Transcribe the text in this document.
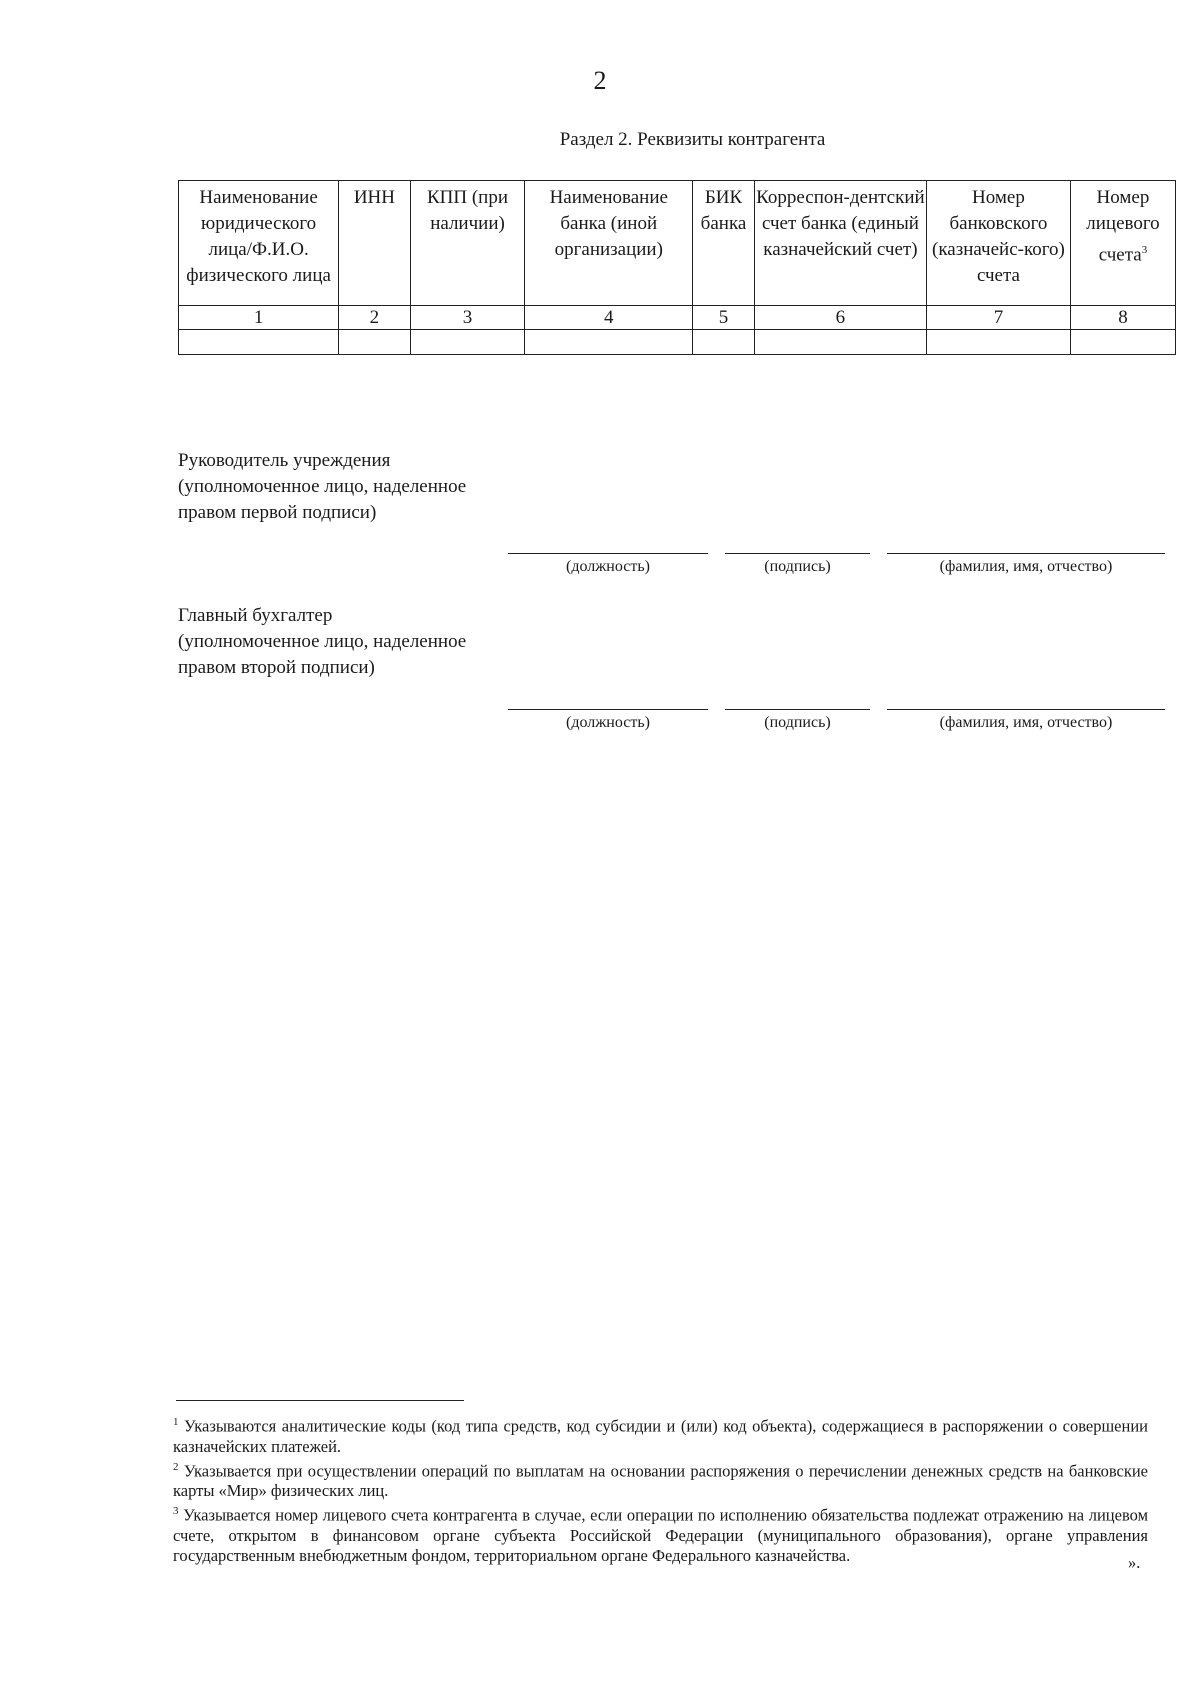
2
Раздел 2. Реквизиты контрагента
Наименование юридического лица/Ф.И.О. физического лица	ИНН	КПП (при наличии)	Наименование банка (иной организации)	БИК банка	Корреспон-дентский счет банка (единый казначейский счет)	Номер банковского (казначейс-кого) счета	Номер лицевого счета$^3$
1	2	3	4	5	6	7	8

Руководитель учреждения (уполномоченное лицо, наделенное правом первой подписи)
(должность)	(подпись)	(фамилия, имя, отчество)
Главный бухгалтер (уполномоченное лицо, наделенное правом второй подписи)
(должность)	(подпись)	(фамилия, имя, отчество)

$^1$ Указываются аналитические коды (код типа средств, код субсидии и (или) код объекта), содержащиеся в распоряжении о совершении казначейских платежей.

$^2$ Указывается при осуществлении операций по выплатам на основании распоряжения о перечислении денежных средств на банковские карты «Мир» физических лиц.

$^3$ Указывается номер лицевого счета контрагента в случае, если операции по исполнению обязательства подлежат отражению на лицевом счете, открытом в финансовом органе субъекта Российской Федерации (муниципального образования), органе управления государственным внебюджетным фондом, территориальном органе Федерального казначейства.	».
